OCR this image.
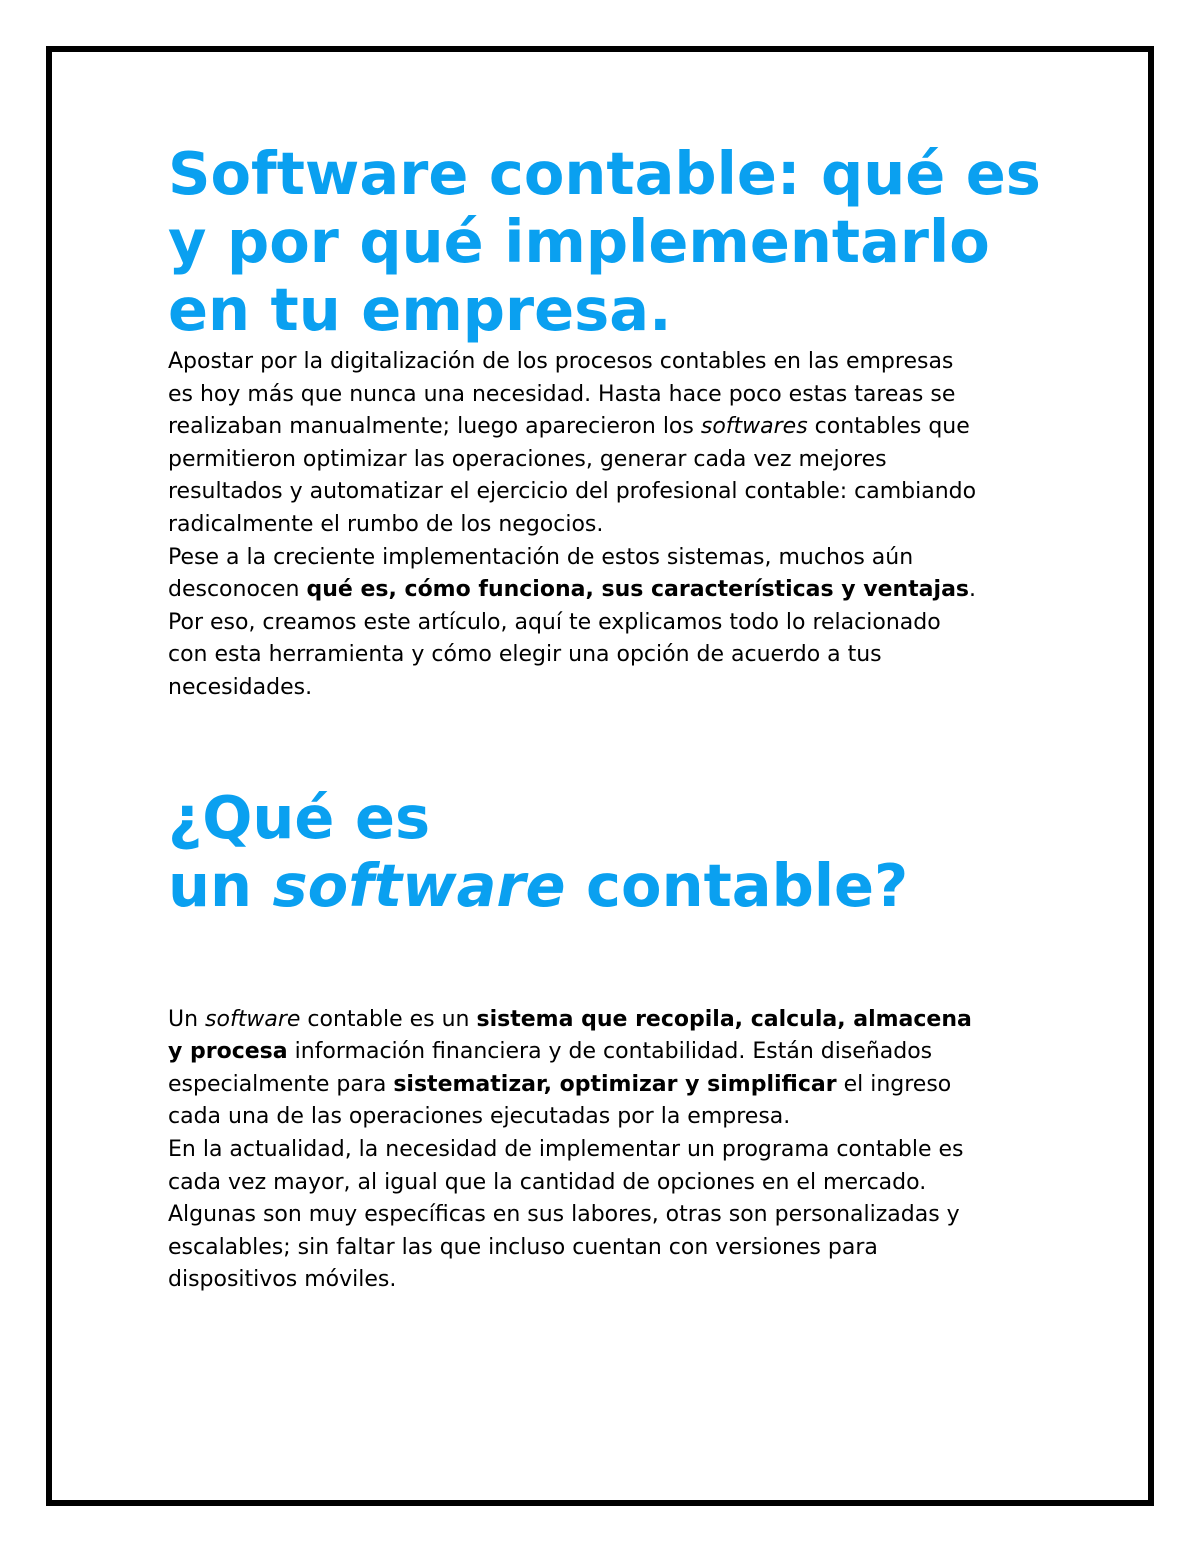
Software contable: qué es
y por qué implementarlo
en tu empresa.

Apostar por la digitalización de los procesos contables en las empresas
es hoy más que nunca una necesidad. Hasta hace poco estas tareas se
realizaban manualmente; luego aparecieron los softwares contables que
permitieron optimizar las operaciones, generar cada vez mejores
resultados y automatizar el ejercicio del profesional contable: cambiando
radicalmente el rumbo de los negocios.

Pese a la creciente implementación de estos sistemas, muchos aún
desconocen qué es, cómo funciona, sus características y ventajas.
Por eso, creamos este artículo, aquí te explicamos todo lo relacionado
con esta herramienta y cómo elegir una opción de acuerdo a tus
necesidades.

¿Qué es
un software contable?

Un software contable es un sistema que recopila, calcula, almacena
y procesa información financiera y de contabilidad. Están diseñados
especialmente para sistematizar, optimizar y simplificar el ingreso
cada una de las operaciones ejecutadas por la empresa.

En la actualidad, la necesidad de implementar un programa contable es
cada vez mayor, al igual que la cantidad de opciones en el mercado.
Algunas son muy específicas en sus labores, otras son personalizadas y
escalables; sin faltar las que incluso cuentan con versiones para
dispositivos móviles.
